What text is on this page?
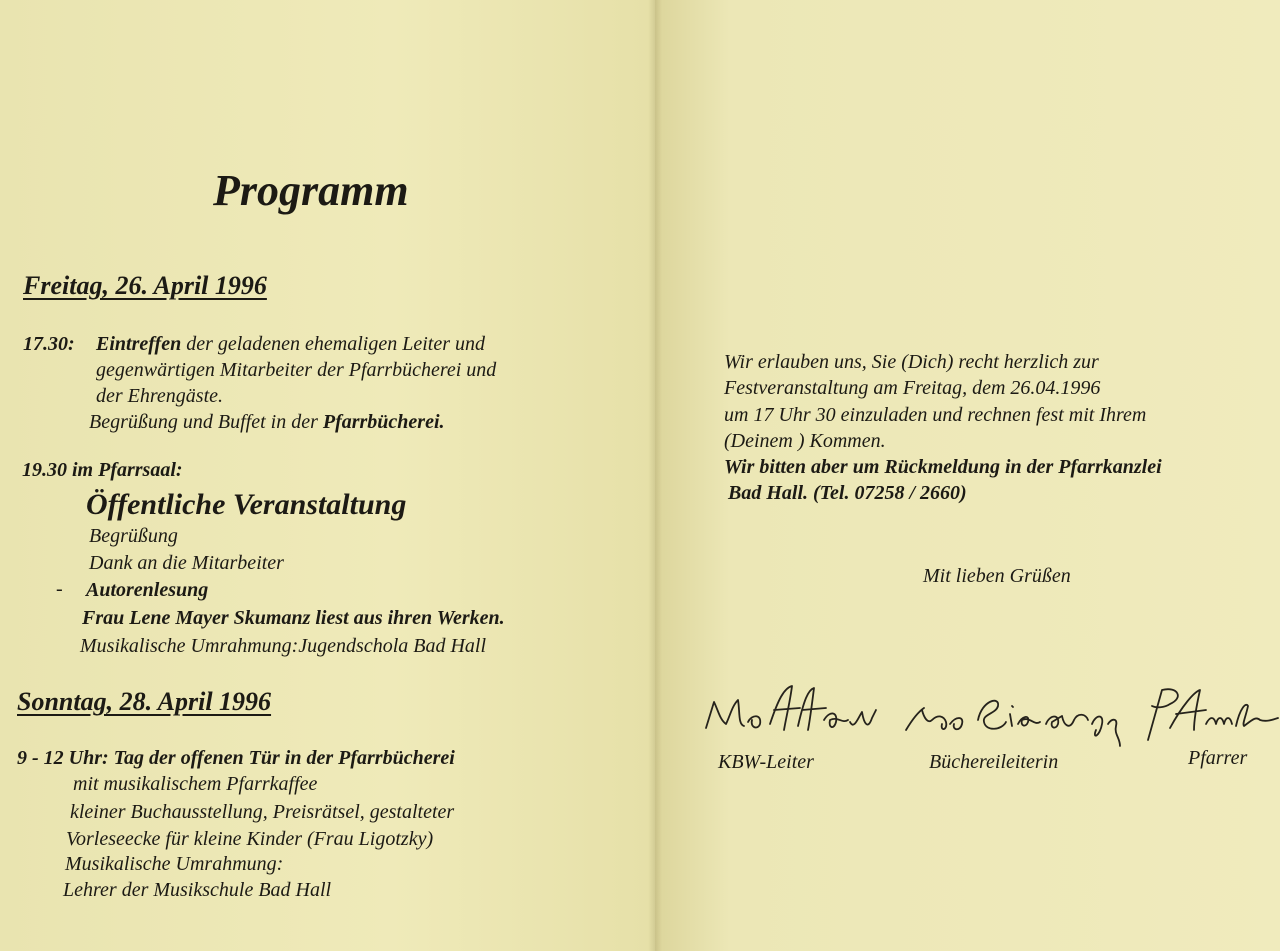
Programm
Freitag, 26. April 1996
17.30: Eintreffen der geladenen ehemaligen Leiter und
gegenwärtigen Mitarbeiter der Pfarrbücherei und
der Ehrengäste.
Begrüßung und Buffet in der Pfarrbücherei.
19.30 im Pfarrsaal:
Öffentliche Veranstaltung
Begrüßung
Dank an die Mitarbeiter
- Autorenlesung
Frau Lene Mayer Skumanz liest aus ihren Werken.
Musikalische Umrahmung:Jugendschola Bad Hall
Sonntag, 28. April 1996
9 - 12 Uhr: Tag der offenen Tür in der Pfarrbücherei
mit musikalischem Pfarrkaffee
kleiner Buchausstellung, Preisrätsel, gestalteter
Vorleseecke für kleine Kinder (Frau Ligotzky)
Musikalische Umrahmung:
Lehrer der Musikschule Bad Hall
Wir erlauben uns, Sie (Dich) recht herzlich zur
Festveranstaltung am Freitag, dem 26.04.1996
um 17 Uhr 30 einzuladen und rechnen fest mit Ihrem
(Deinem ) Kommen.
Wir bitten aber um Rückmeldung in der Pfarrkanzlei
Bad Hall. (Tel. 07258 / 2660)
Mit lieben Grüßen
KBW-Leiter	Büchereileiterin	Pfarrer
